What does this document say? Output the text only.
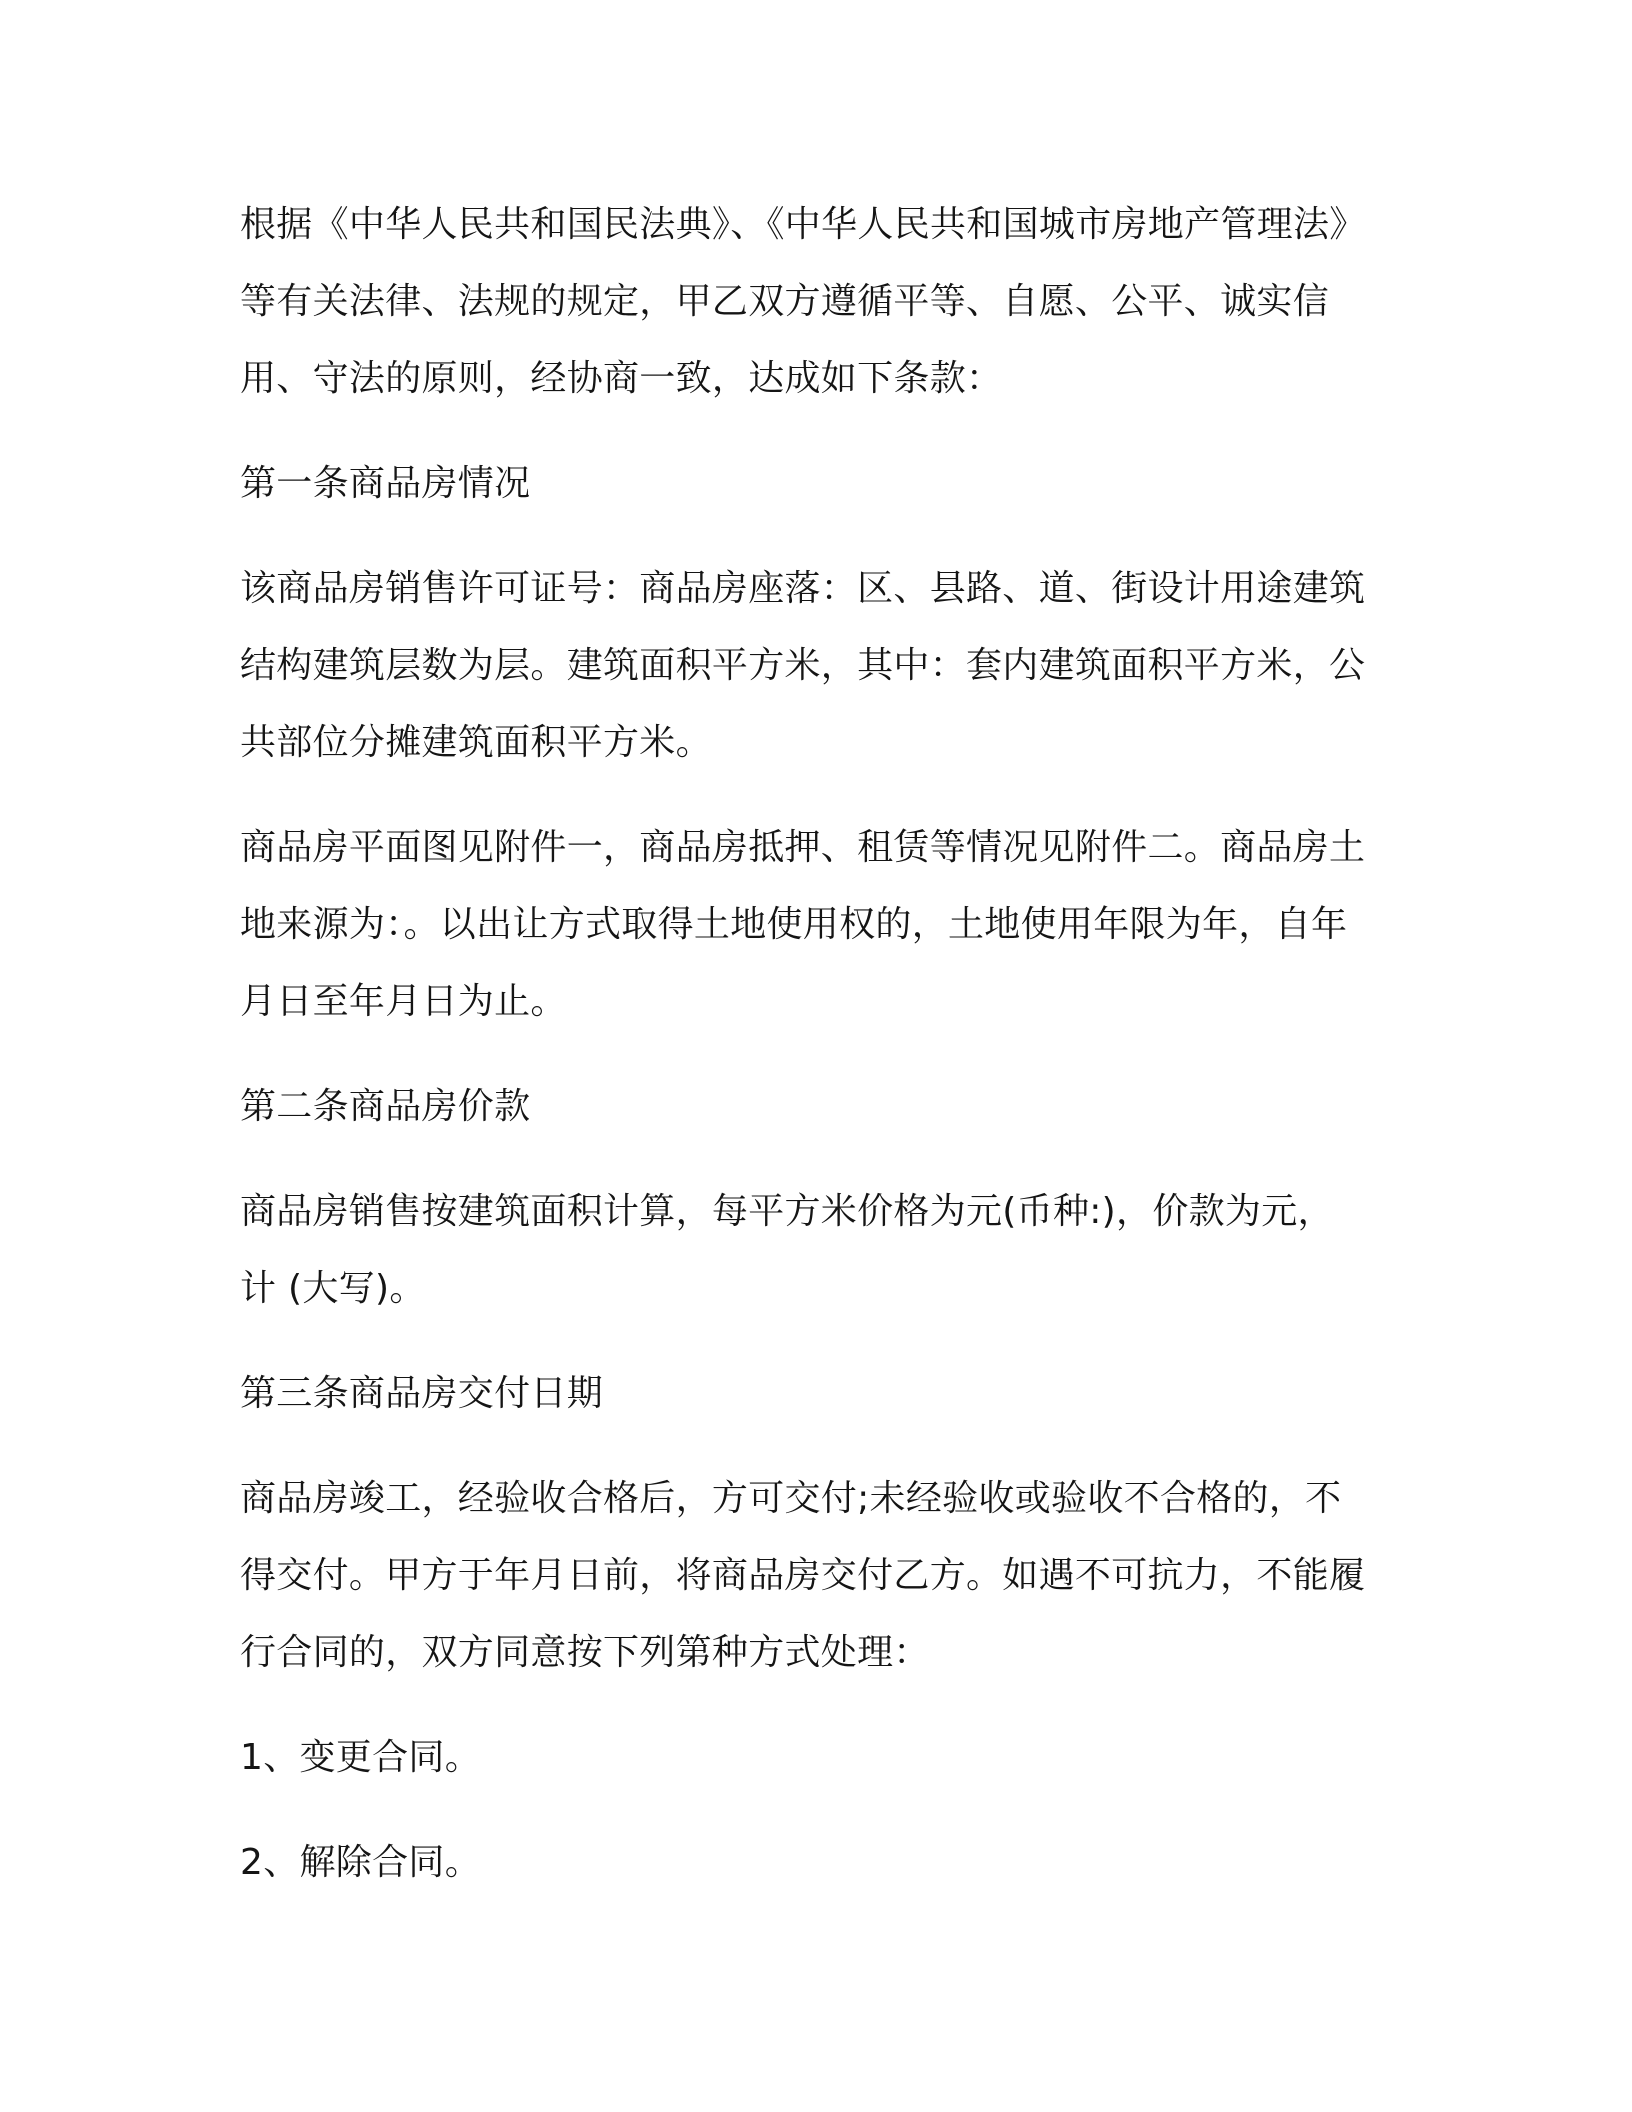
根据《中华人民共和国民法典》、《中华人民共和国城市房地产管理法》等有关法律、法规的规定，甲乙双方遵循平等、自愿、公平、诚实信用、守法的原则，经协商一致，达成如下条款：

第一条商品房情况

该商品房销售许可证号：商品房座落：区、县路、道、街设计用途建筑结构建筑层数为层。建筑面积平方米，其中：套内建筑面积平方米，公共部位分摊建筑面积平方米。

商品房平面图见附件一，商品房抵押、租赁等情况见附件二。商品房土地来源为：。以出让方式取得土地使用权的，土地使用年限为年，自年月日至年月日为止。

第二条商品房价款

商品房销售按建筑面积计算，每平方米价格为元(币种:)，价款为元，计 (大写)。

第三条商品房交付日期

商品房竣工，经验收合格后，方可交付;未经验收或验收不合格的，不得交付。甲方于年月日前，将商品房交付乙方。如遇不可抗力，不能履行合同的，双方同意按下列第种方式处理：

1、变更合同。

2、解除合同。
